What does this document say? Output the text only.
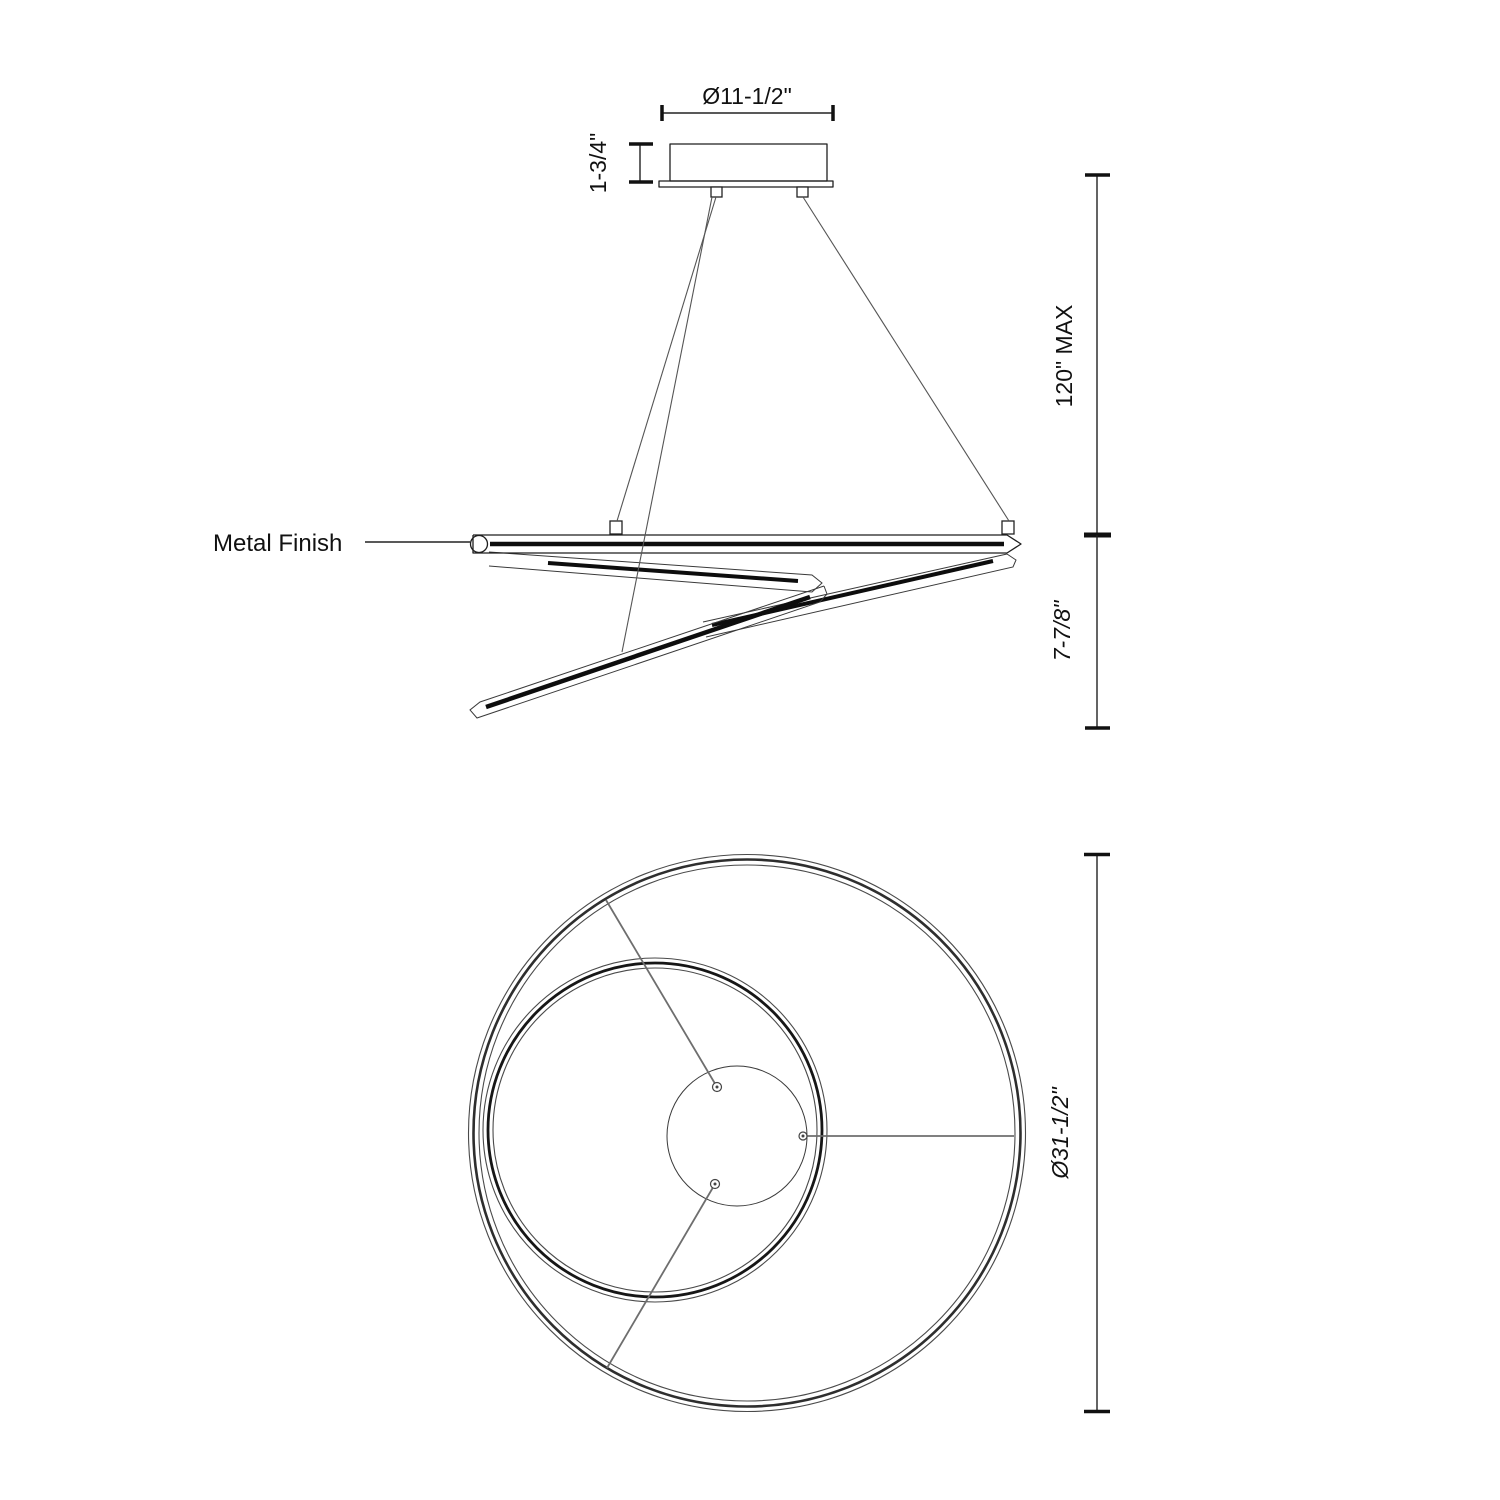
Ø11-1/2"
1-3/4"
120" MAX
7-7/8"
Metal Finish
Ø31-1/2"
